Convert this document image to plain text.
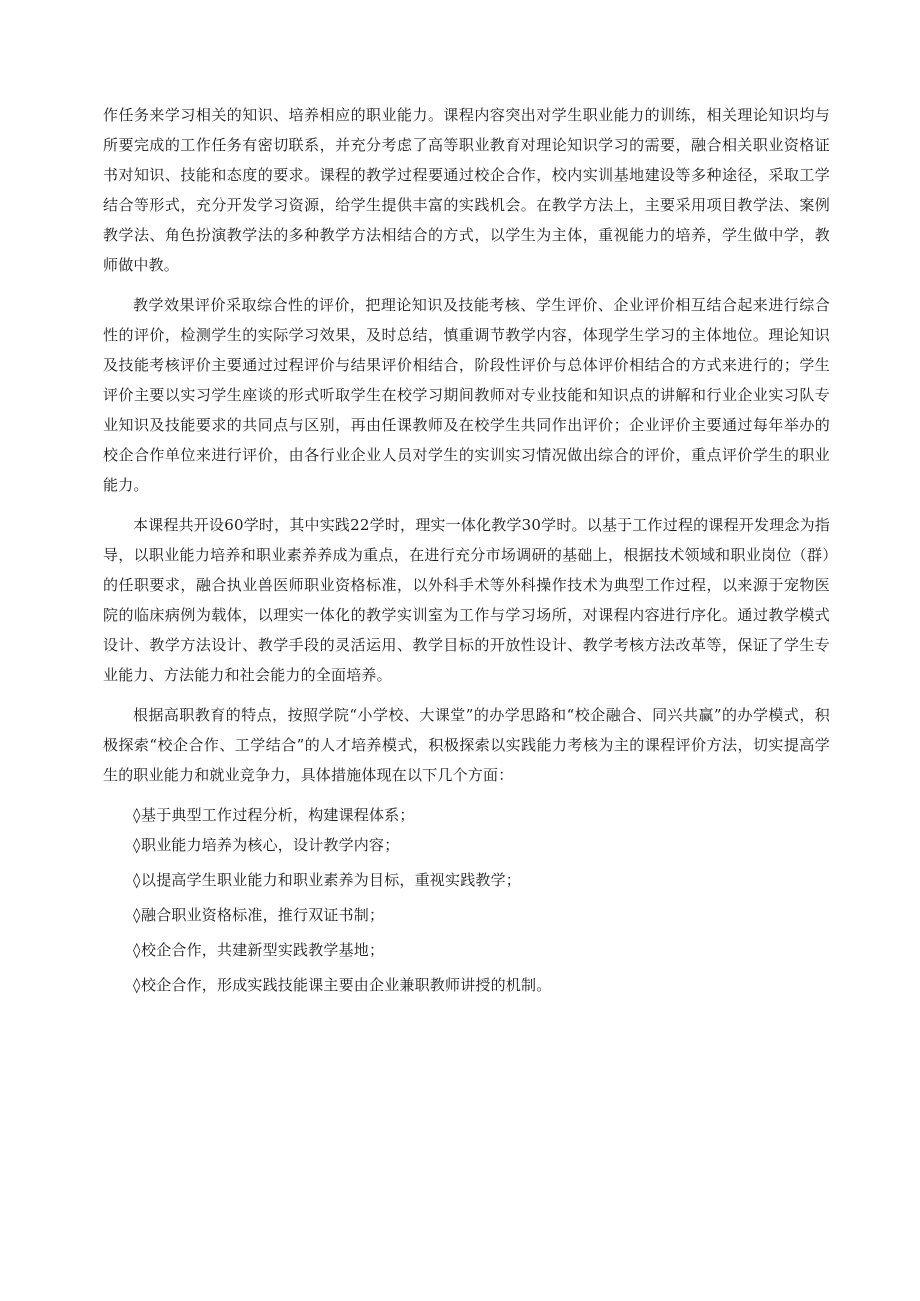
作任务来学习相关的知识、培养相应的职业能力。课程内容突出对学生职业能力的训练，相关理论知识均与所要完成的工作任务有密切联系，并充分考虑了高等职业教育对理论知识学习的需要，融合相关职业资格证书对知识、技能和态度的要求。课程的教学过程要通过校企合作，校内实训基地建设等多种途径，采取工学结合等形式，充分开发学习资源，给学生提供丰富的实践机会。在教学方法上，主要采用项目教学法、案例教学法、角色扮演教学法的多种教学方法相结合的方式，以学生为主体，重视能力的培养，学生做中学，教师做中教。

教学效果评价采取综合性的评价，把理论知识及技能考核、学生评价、企业评价相互结合起来进行综合性的评价，检测学生的实际学习效果，及时总结，慎重调节教学内容，体现学生学习的主体地位。理论知识及技能考核评价主要通过过程评价与结果评价相结合，阶段性评价与总体评价相结合的方式来进行的；学生评价主要以实习学生座谈的形式听取学生在校学习期间教师对专业技能和知识点的讲解和行业企业实习队专业知识及技能要求的共同点与区别，再由任课教师及在校学生共同作出评价；企业评价主要通过每年举办的校企合作单位来进行评价，由各行业企业人员对学生的实训实习情况做出综合的评价，重点评价学生的职业能力。

本课程共开设60学时，其中实践22学时，理实一体化教学30学时。以基于工作过程的课程开发理念为指导，以职业能力培养和职业素养养成为重点，在进行充分市场调研的基础上，根据技术领域和职业岗位（群）的任职要求，融合执业兽医师职业资格标准，以外科手术等外科操作技术为典型工作过程，以来源于宠物医院的临床病例为载体，以理实一体化的教学实训室为工作与学习场所，对课程内容进行序化。通过教学模式设计、教学方法设计、教学手段的灵活运用、教学目标的开放性设计、教学考核方法改革等，保证了学生专业能力、方法能力和社会能力的全面培养。

根据高职教育的特点，按照学院“小学校、大课堂”的办学思路和“校企融合、同兴共赢”的办学模式，积极探索“校企合作、工学结合”的人才培养模式，积极探索以实践能力考核为主的课程评价方法，切实提高学生的职业能力和就业竞争力，具体措施体现在以下几个方面：

◊基于典型工作过程分析，构建课程体系；
◊职业能力培养为核心，设计教学内容；
◊以提高学生职业能力和职业素养为目标，重视实践教学；
◊融合职业资格标准，推行双证书制；
◊校企合作，共建新型实践教学基地；
◊校企合作，形成实践技能课主要由企业兼职教师讲授的机制。
